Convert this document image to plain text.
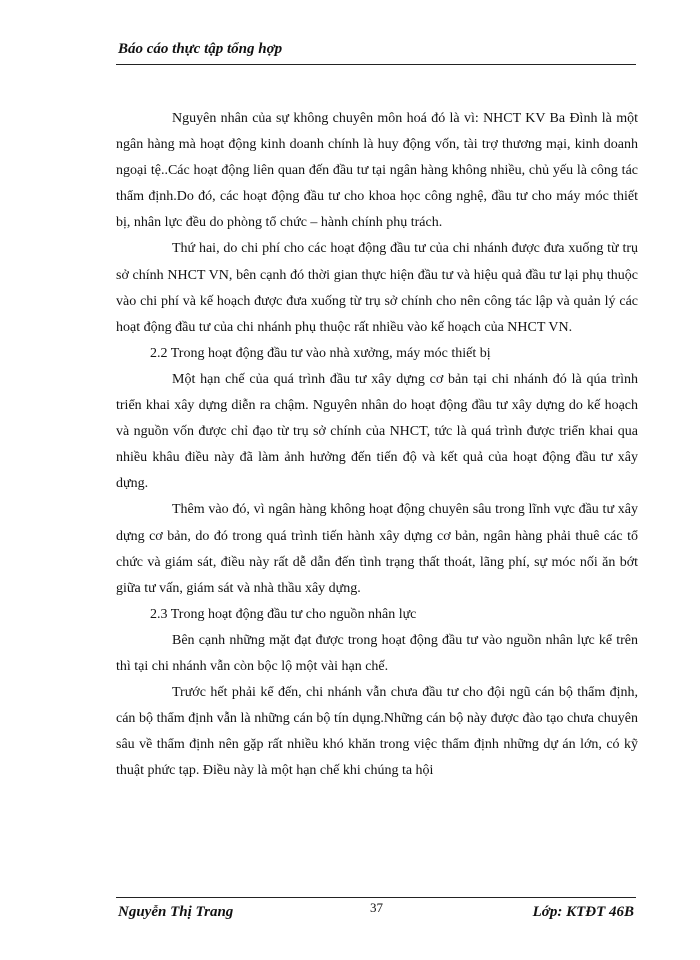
Báo cáo thực tập tổng hợp

Nguyên nhân của sự không chuyên môn hoá đó là vì: NHCT KV Ba Đình là một ngân hàng mà hoạt động kinh doanh chính là huy động vốn, tài trợ thương mại, kinh doanh ngoại tệ..Các hoạt động liên quan đến đầu tư tại ngân hàng không nhiều, chủ yếu là công tác thẩm định.Do đó, các hoạt động đầu tư cho khoa học công nghệ, đầu tư cho máy móc thiết bị, nhân lực đều do phòng tổ chức – hành chính phụ trách.

Thứ hai, do chi phí cho các hoạt động đầu tư của chi nhánh được đưa xuống từ trụ sở chính NHCT VN, bên cạnh đó thời gian thực hiện đầu tư và hiệu quả đầu tư lại phụ thuộc vào chi phí và kế hoạch được đưa xuống từ trụ sở chính cho nên công tác lập và quản lý các hoạt động đầu tư của chi nhánh phụ thuộc rất nhiều vào kế hoạch của NHCT VN.

2.2 Trong hoạt động đầu tư vào nhà xưởng, máy móc thiết bị

Một hạn chế của quá trình đầu tư xây dựng cơ bản tại chi nhánh đó là qúa trình triển khai xây dựng diễn ra chậm. Nguyên nhân do hoạt động đầu tư xây dựng do kế hoạch và nguồn vốn được chỉ đạo từ trụ sở chính của NHCT, tức là quá trình được triển khai qua nhiều khâu điều này đã làm ảnh hưởng đến tiến độ và kết quả của hoạt động đầu tư xây dựng.

Thêm vào đó, vì ngân hàng không hoạt động chuyên sâu trong lĩnh vực đầu tư xây dựng cơ bản, do đó trong quá trình tiến hành xây dựng cơ bản, ngân hàng phải thuê các tổ chức và giám sát, điều này rất dễ dẫn đến tình trạng thất thoát, lãng phí, sự móc nối ăn bớt giữa tư vấn, giám sát và nhà thầu xây dựng.

2.3 Trong hoạt động đầu tư cho nguồn nhân lực

Bên cạnh những mặt đạt được trong hoạt động đầu tư vào nguồn nhân lực kể trên thì tại chi nhánh vẫn còn bộc lộ một vài hạn chế.

Trước hết phải kể đến, chi nhánh vẫn chưa đầu tư cho đội ngũ cán bộ thẩm định, cán bộ thẩm định vẫn là những cán bộ tín dụng.Những cán bộ này được đào tạo chưa chuyên sâu về thẩm định nên gặp rất nhiều khó khăn trong việc thẩm định những dự án lớn, có kỹ thuật phức tạp. Điều này là một hạn chế khi chúng ta hội

Nguyễn Thị Trang	37	Lớp: KTĐT 46B
